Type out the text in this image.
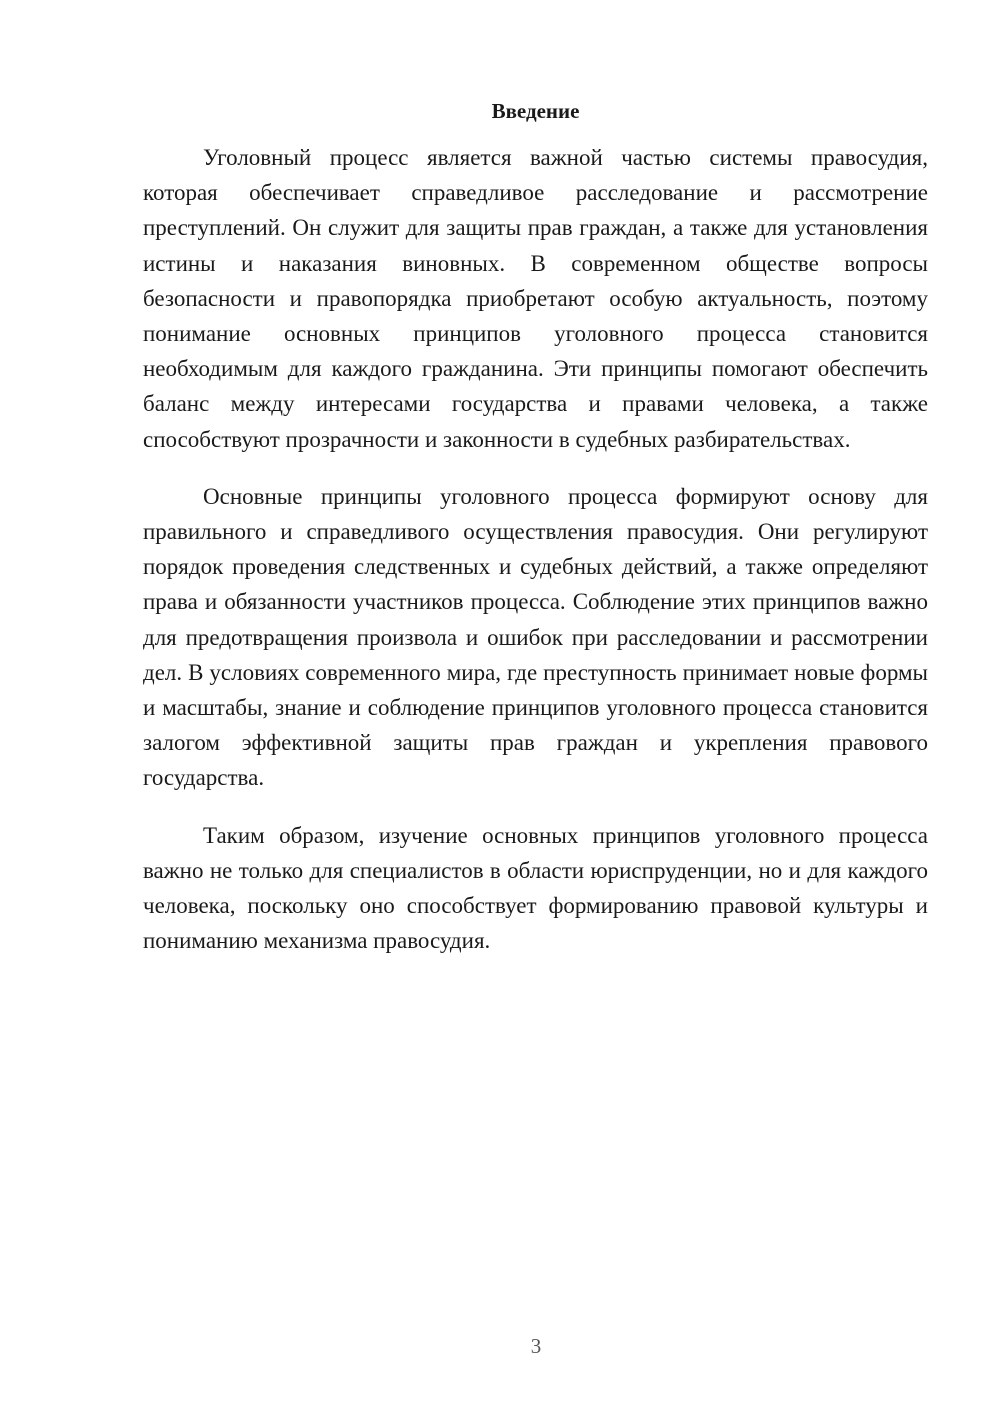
Введение

Уголовный процесс является важной частью системы правосудия, которая обеспечивает справедливое расследование и рассмотрение преступлений. Он служит для защиты прав граждан, а также для установления истины и наказания виновных. В современном обществе вопросы безопасности и правопорядка приобретают особую актуальность, поэтому понимание основных принципов уголовного процесса становится необходимым для каждого гражданина. Эти принципы помогают обеспечить баланс между интересами государства и правами человека, а также способствуют прозрачности и законности в судебных разбирательствах.

Основные принципы уголовного процесса формируют основу для правильного и справедливого осуществления правосудия. Они регулируют порядок проведения следственных и судебных действий, а также определяют права и обязанности участников процесса. Соблюдение этих принципов важно для предотвращения произвола и ошибок при расследовании и рассмотрении дел. В условиях современного мира, где преступность принимает новые формы и масштабы, знание и соблюдение принципов уголовного процесса становится залогом эффективной защиты прав граждан и укрепления правового государства.

Таким образом, изучение основных принципов уголовного процесса важно не только для специалистов в области юриспруденции, но и для каждого человека, поскольку оно способствует формированию правовой культуры и пониманию механизма правосудия.

3
